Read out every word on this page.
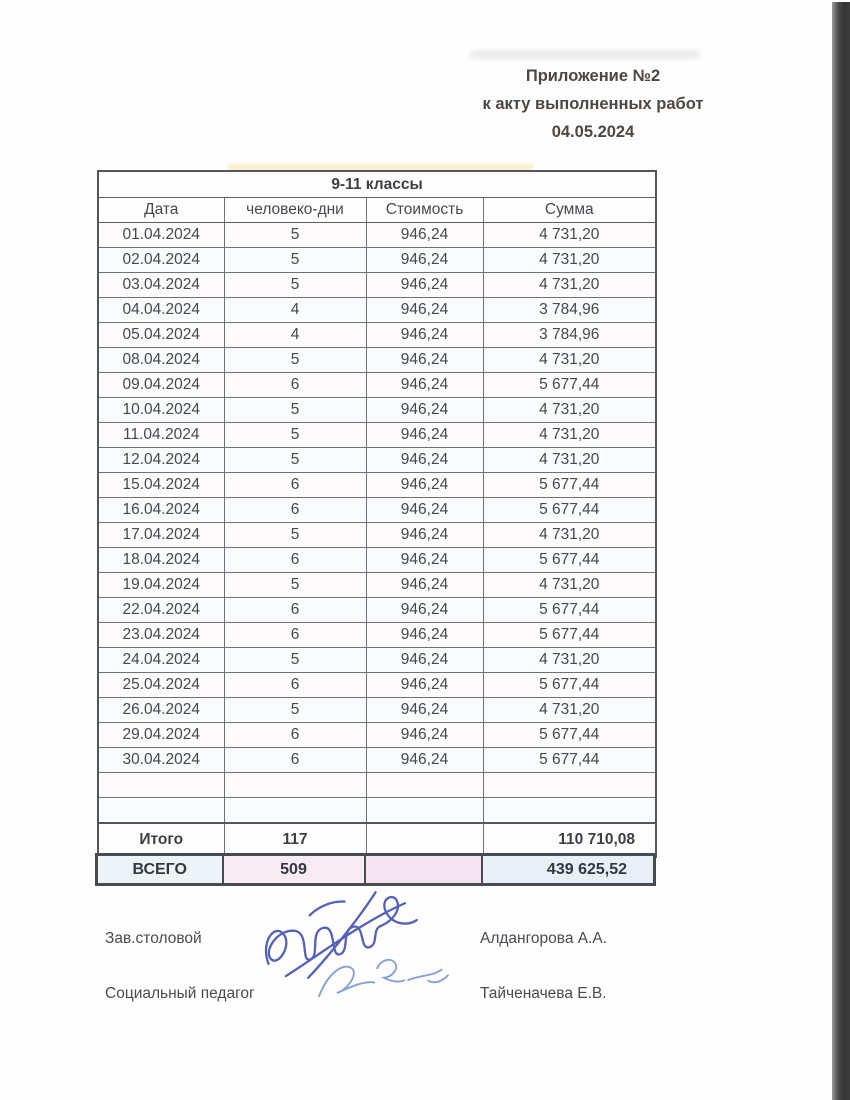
Приложение №2
к акту выполненных работ
04.05.2024
9-11 классы			
Дата	человеко-дни	Стоимость	Сумма
01.04.2024	5	946,24	4 731,20
02.04.2024	5	946,24	4 731,20
03.04.2024	5	946,24	4 731,20
04.04.2024	4	946,24	3 784,96
05.04.2024	4	946,24	3 784,96
08.04.2024	5	946,24	4 731,20
09.04.2024	6	946,24	5 677,44
10.04.2024	5	946,24	4 731,20
11.04.2024	5	946,24	4 731,20
12.04.2024	5	946,24	4 731,20
15.04.2024	6	946,24	5 677,44
16.04.2024	6	946,24	5 677,44
17.04.2024	5	946,24	4 731,20
18.04.2024	6	946,24	5 677,44
19.04.2024	5	946,24	4 731,20
22.04.2024	6	946,24	5 677,44
23.04.2024	6	946,24	5 677,44
24.04.2024	5	946,24	4 731,20
25.04.2024	6	946,24	5 677,44
26.04.2024	5	946,24	4 731,20
29.04.2024	6	946,24	5 677,44
30.04.2024	6	946,24	5 677,44

Итого	117		110 710,08
ВСЕГО	509		439 625,52
Зав.столовой	Алдангорова А.А.
Социальный педагог	Тайченачева Е.В.
